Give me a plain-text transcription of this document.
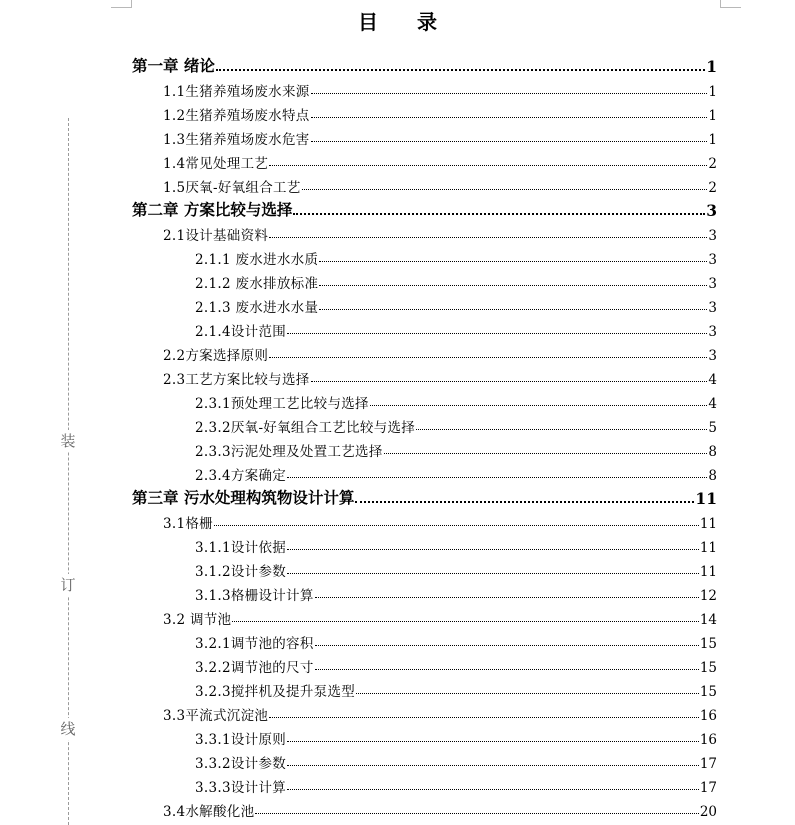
装
订
线
目 录
第一章 绪论	1
1.1生猪养殖场废水来源	1
1.2生猪养殖场废水特点	1
1.3生猪养殖场废水危害	1
1.4常见处理工艺	2
1.5厌氧-好氧组合工艺	2
第二章 方案比较与选择	3
2.1设计基础资料	3
2.1.1 废水进水水质	3
2.1.2 废水排放标准	3
2.1.3 废水进水水量	3
2.1.4设计范围	3
2.2方案选择原则	3
2.3工艺方案比较与选择	4
2.3.1预处理工艺比较与选择	4
2.3.2厌氧-好氧组合工艺比较与选择	5
2.3.3污泥处理及处置工艺选择	8
2.3.4方案确定	8
第三章 污水处理构筑物设计计算	11
3.1格栅	11
3.1.1设计依据	11
3.1.2设计参数	11
3.1.3格栅设计计算	12
3.2 调节池	14
3.2.1调节池的容积	15
3.2.2调节池的尺寸	15
3.2.3搅拌机及提升泵选型	15
3.3平流式沉淀池	16
3.3.1设计原则	16
3.3.2设计参数	17
3.3.3设计计算	17
3.4水解酸化池	20
